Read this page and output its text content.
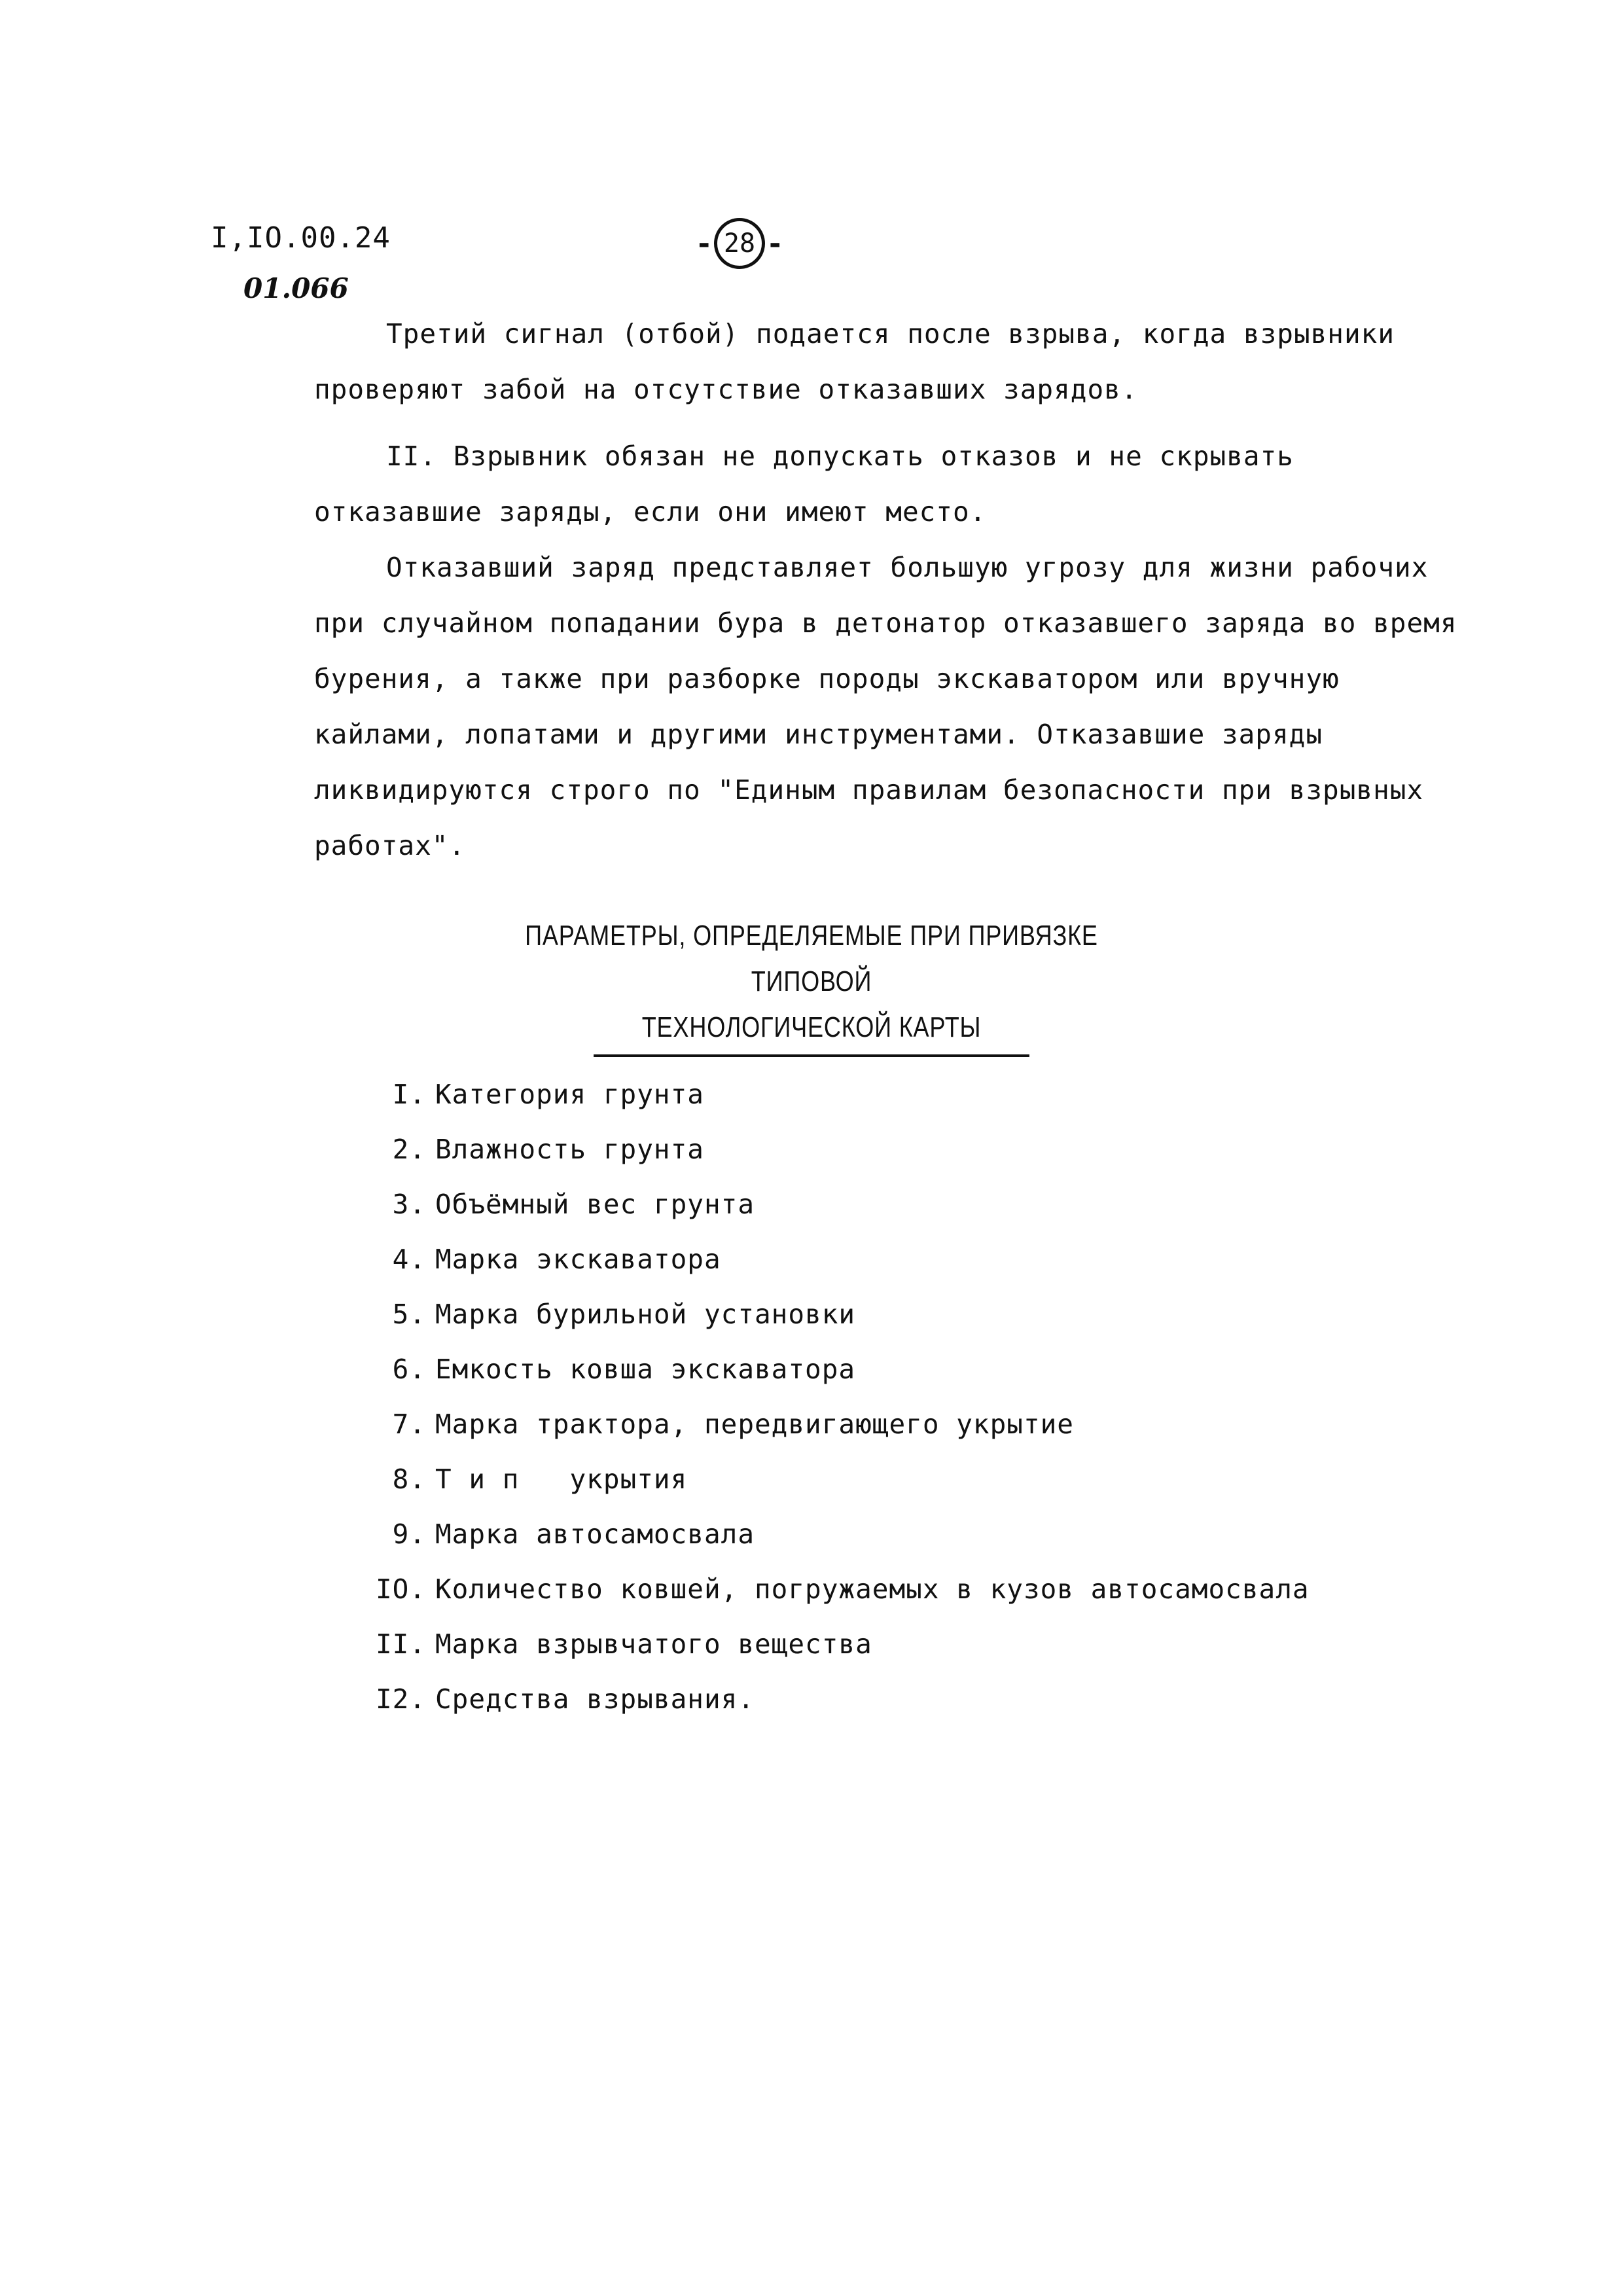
I,IO.00.24
01.066
- 28 -

Третий сигнал (отбой) подается после взрыва, когда взрывники проверяют забой на отсутствие отказавших зарядов.

II. Взрывник обязан не допускать отказов и не скрывать отказавшие заряды, если они имеют место.

Отказавший заряд представляет большую угрозу для жизни рабочих при случайном попадании бура в детонатор отказавшего заряда во время бурения, а также при разборке породы экскаватором или вручную кайлами, лопатами и другими инструментами. Отказавшие заряды ликвидируются строго по "Единым правилам безопасности при взрывных работах".

ПАРАМЕТРЫ, ОПРЕДЕЛЯЕМЫЕ ПРИ ПРИВЯЗКЕ ТИПОВОЙ
ТЕХНОЛОГИЧЕСКОЙ КАРТЫ
I. Категория грунта
2. Влажность грунта
3. Объёмный вес грунта
4. Марка экскаватора
5. Марка бурильной установки
6. Емкость ковша экскаватора
7. Марка трактора, передвигающего укрытие
8. Т и п   укрытия
9. Марка автосамосвала
IO. Количество ковшей, погружаемых в кузов автосамосвала
II. Марка взрывчатого вещества
I2. Средства взрывания.
